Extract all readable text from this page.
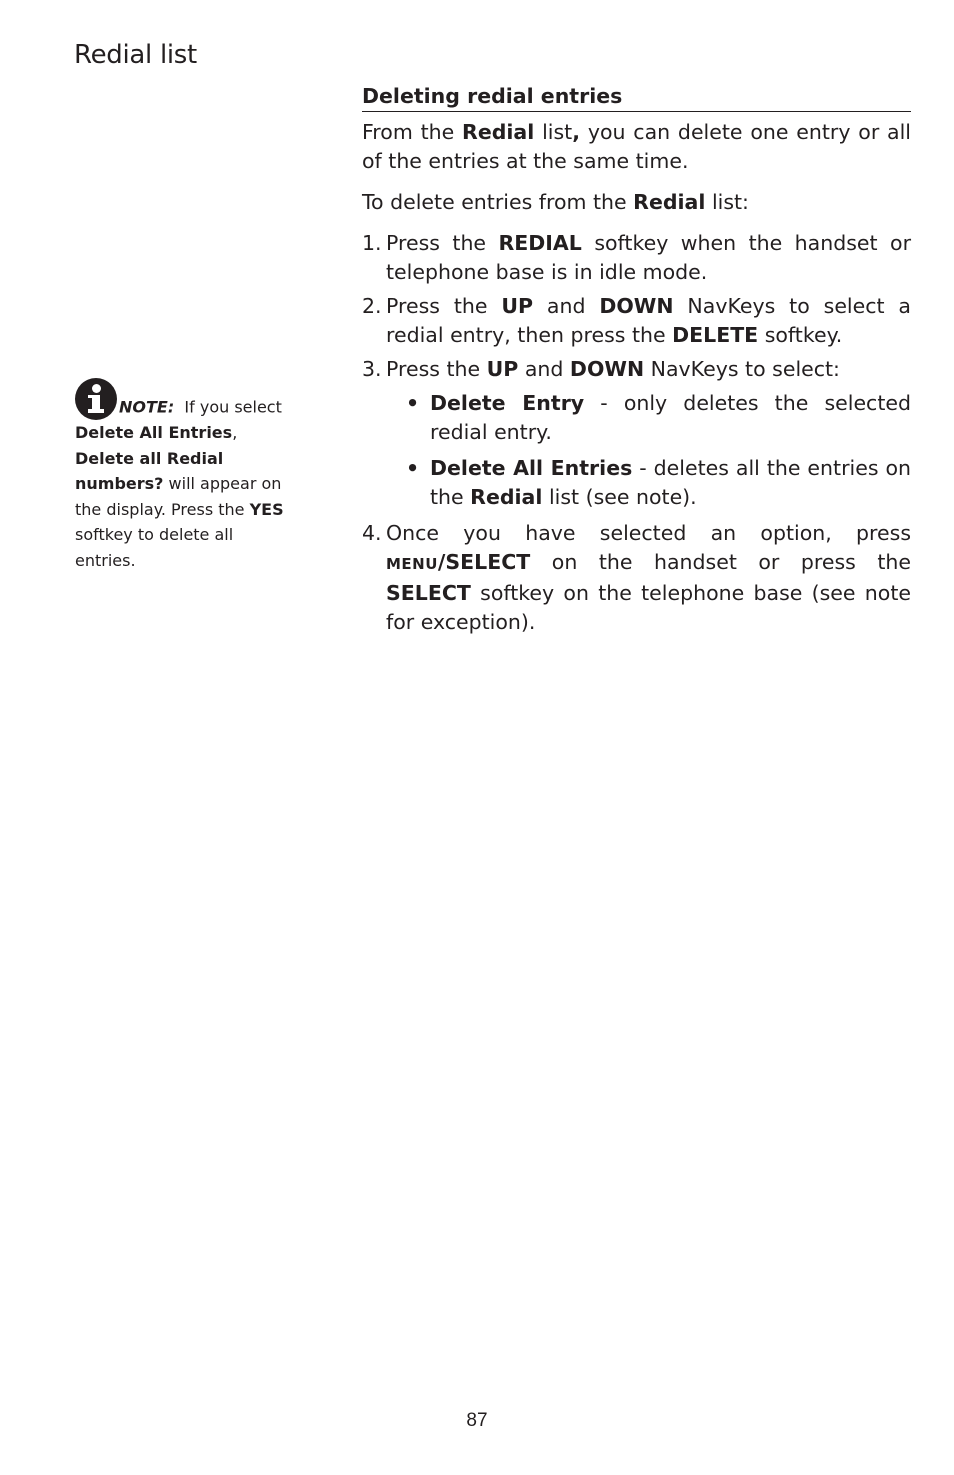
Redial list
Deleting redial entries

From the Redial list, you can delete one entry or all of the entries at the same time.

To delete entries from the Redial list:

1. Press the REDIAL softkey when the handset or telephone base is in idle mode.
2. Press the UP and DOWN NavKeys to select a redial entry, then press the DELETE softkey.
3. Press the UP and DOWN NavKeys to select:
• Delete Entry - only deletes the selected redial entry.
• Delete All Entries - deletes all the entries on the Redial list (see note).
4. Once you have selected an option, press MENU/SELECT on the handset or press the SELECT softkey on the telephone base (see note for exception).
NOTE:  If you select Delete All Entries,
Delete all Redial numbers? will appear on the display. Press the YES softkey to delete all entries.
87
